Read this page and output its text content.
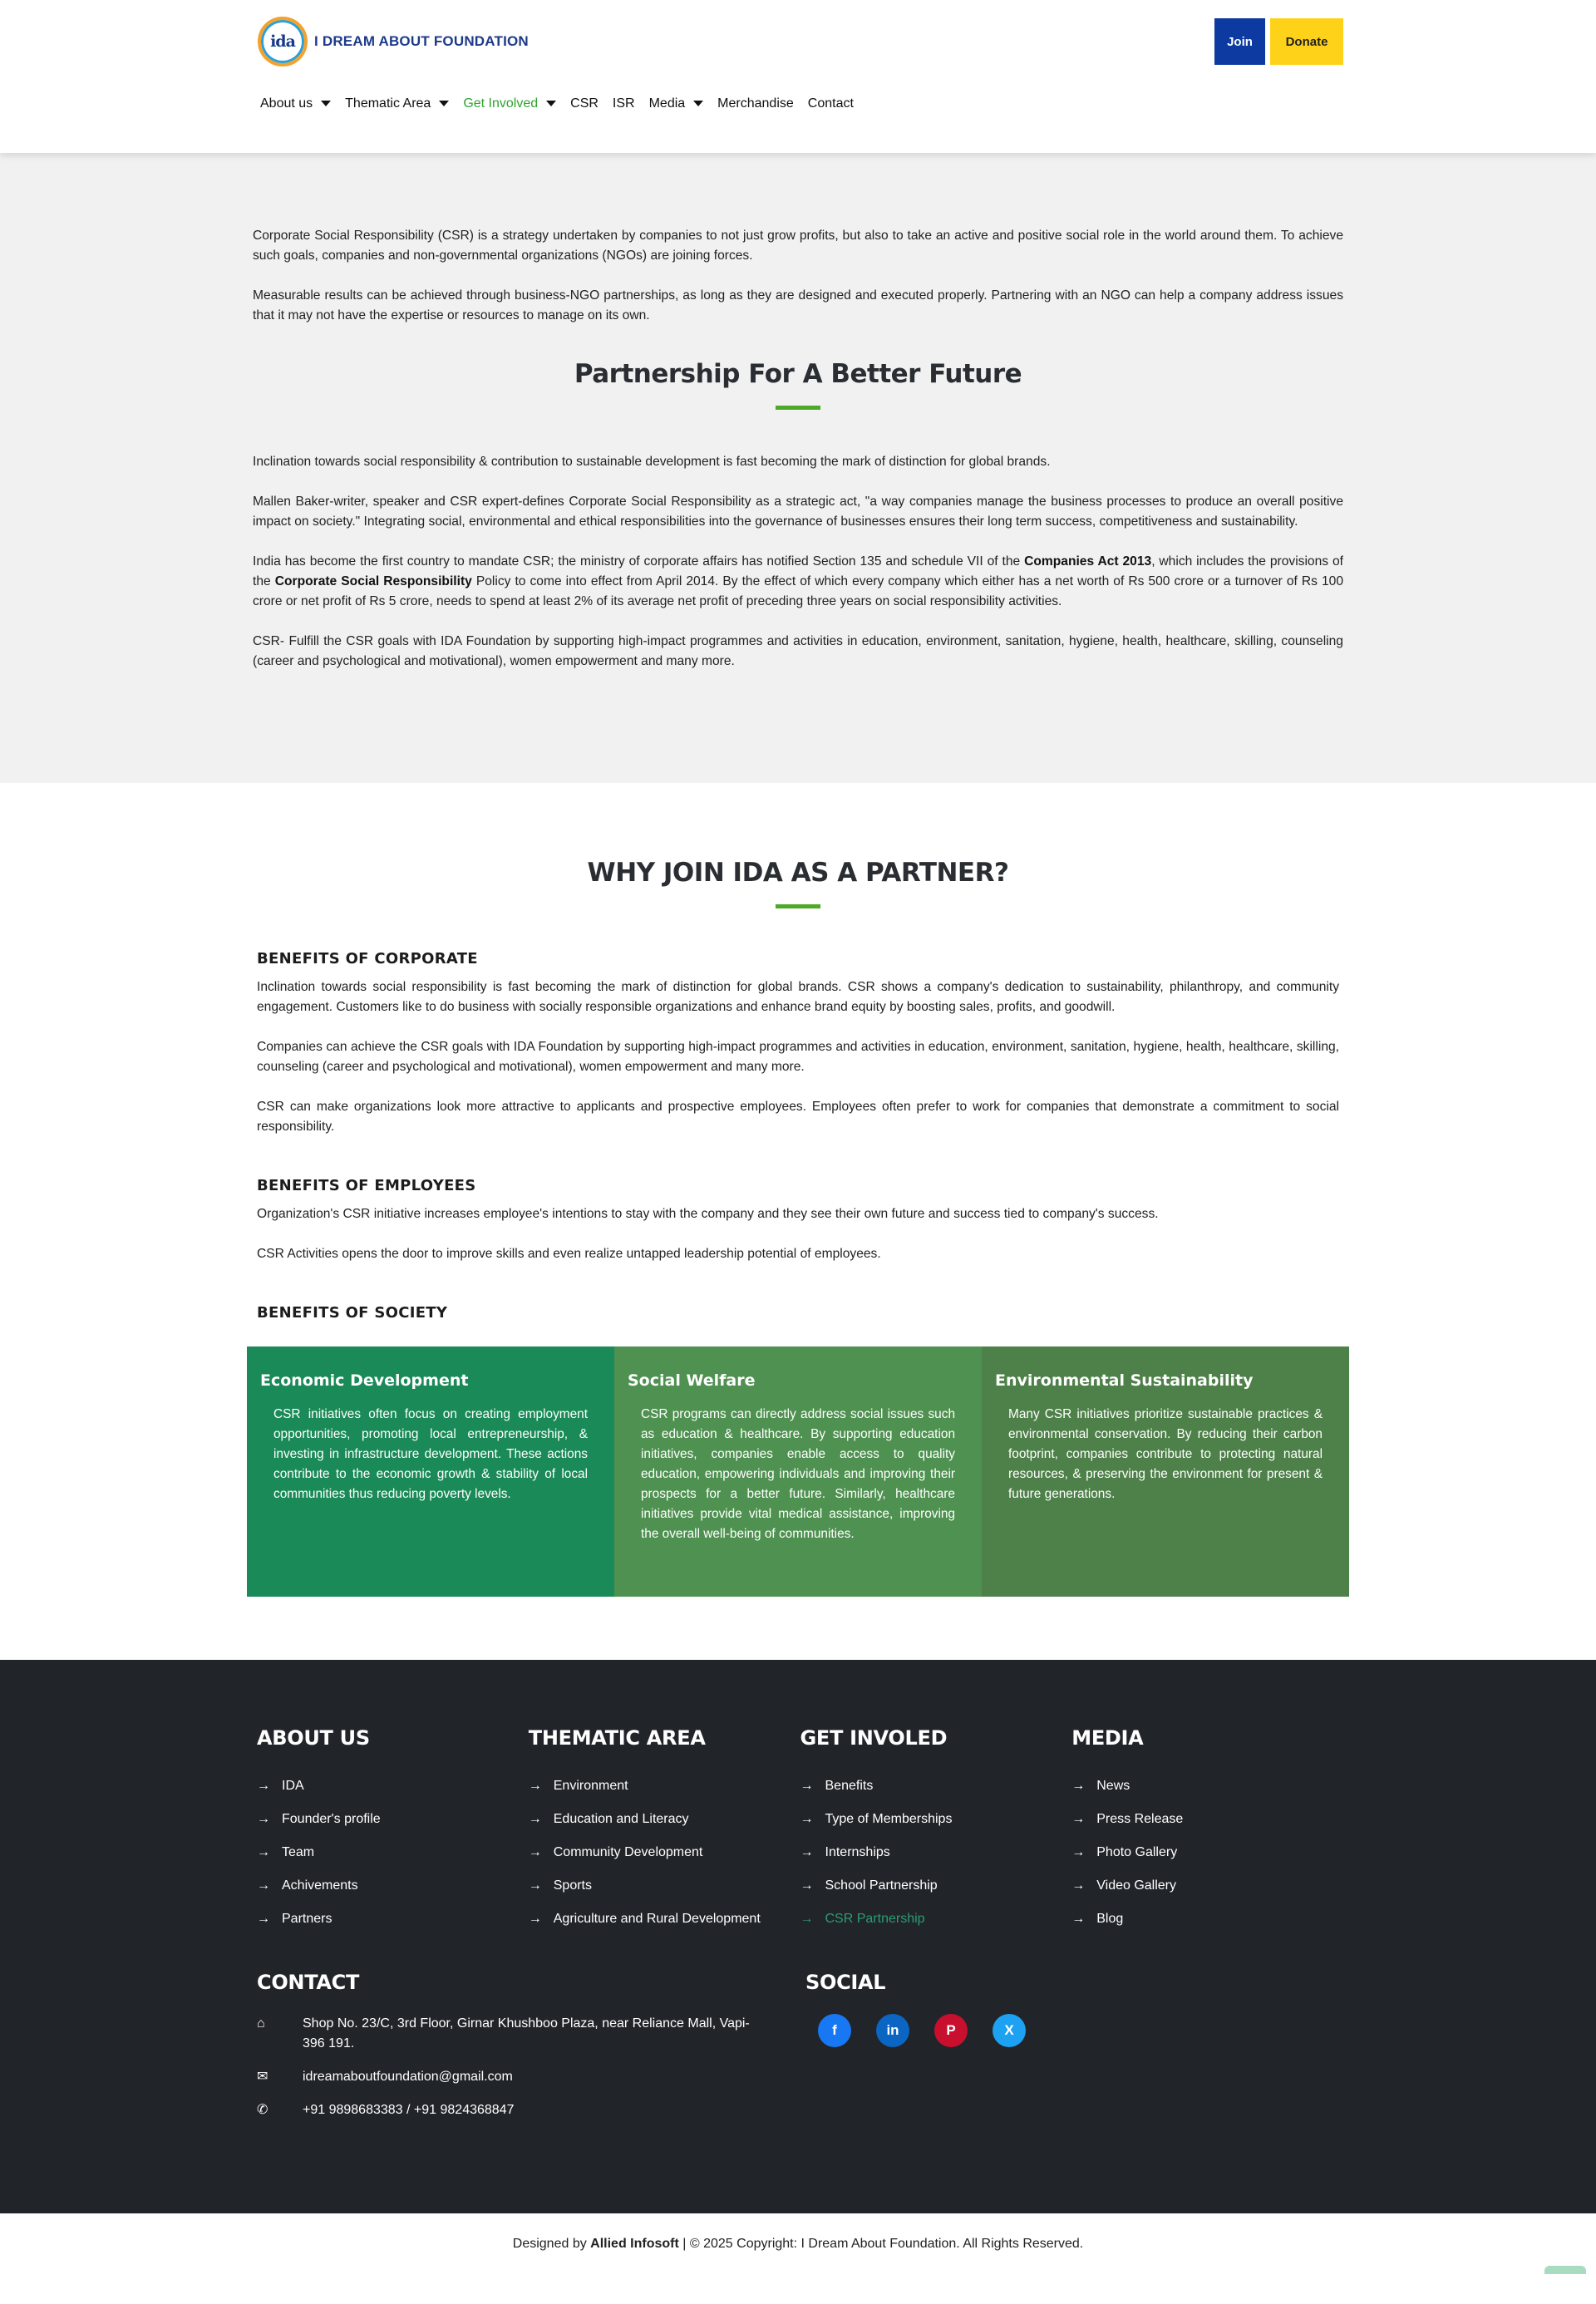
ida I DREAM ABOUT FOUNDATION	Join	Donate
About us Thematic Area Get Involved CSR ISR Media Merchandise Contact

Corporate Social Responsibility (CSR) is a strategy undertaken by companies to not just grow profits, but also to take an active and positive social role in the world around them. To achieve such goals, companies and non-governmental organizations (NGOs) are joining forces.

Measurable results can be achieved through business-NGO partnerships, as long as they are designed and executed properly. Partnering with an NGO can help a company address issues that it may not have the expertise or resources to manage on its own.

Partnership For A Better Future

Inclination towards social responsibility & contribution to sustainable development is fast becoming the mark of distinction for global brands.

Mallen Baker-writer, speaker and CSR expert-defines Corporate Social Responsibility as a strategic act, "a way companies manage the business processes to produce an overall positive impact on society." Integrating social, environmental and ethical responsibilities into the governance of businesses ensures their long term success, competitiveness and sustainability.

India has become the first country to mandate CSR; the ministry of corporate affairs has notified Section 135 and schedule VII of the Companies Act 2013, which includes the provisions of the Corporate Social Responsibility Policy to come into effect from April 2014. By the effect of which every company which either has a net worth of Rs 500 crore or a turnover of Rs 100 crore or net profit of Rs 5 crore, needs to spend at least 2% of its average net profit of preceding three years on social responsibility activities.

CSR- Fulfill the CSR goals with IDA Foundation by supporting high-impact programmes and activities in education, environment, sanitation, hygiene, health, healthcare, skilling, counseling (career and psychological and motivational), women empowerment and many more.

WHY JOIN IDA AS A PARTNER?
BENEFITS OF CORPORATE

Inclination towards social responsibility is fast becoming the mark of distinction for global brands. CSR shows a company's dedication to sustainability, philanthropy, and community engagement. Customers like to do business with socially responsible organizations and enhance brand equity by boosting sales, profits, and goodwill.

Companies can achieve the CSR goals with IDA Foundation by supporting high-impact programmes and activities in education, environment, sanitation, hygiene, health, healthcare, skilling, counseling (career and psychological and motivational), women empowerment and many more.

CSR can make organizations look more attractive to applicants and prospective employees. Employees often prefer to work for companies that demonstrate a commitment to social responsibility.

BENEFITS OF EMPLOYEES

Organization's CSR initiative increases employee's intentions to stay with the company and they see their own future and success tied to company's success.

CSR Activities opens the door to improve skills and even realize untapped leadership potential of employees.

BENEFITS OF SOCIETY
Economic Development

CSR initiatives often focus on creating employment opportunities, promoting local entrepreneurship, & investing in infrastructure development. These actions contribute to the economic growth & stability of local communities thus reducing poverty levels.

Social Welfare

CSR programs can directly address social issues such as education & healthcare. By supporting education initiatives, companies enable access to quality education, empowering individuals and improving their prospects for a better future. Similarly, healthcare initiatives provide vital medical assistance, improving the overall well-being of communities.

Environmental Sustainability

Many CSR initiatives prioritize sustainable practices & environmental conservation. By reducing their carbon footprint, companies contribute to protecting natural resources, & preserving the environment for present & future generations.

ABOUT US
→ IDA
→ Founder's profile
→ Team
→ Achivements
→ Partners
THEMATIC AREA
→ Environment
→ Education and Literacy
→ Community Development
→ Sports
→ Agriculture and Rural Development
GET INVOLED
→ Benefits
→ Type of Memberships
→ Internships
→ School Partnership
→ CSR Partnership
MEDIA
→ News
→ Press Release
→ Photo Gallery
→ Video Gallery
→ Blog
CONTACT
⌂	Shop No. 23/C, 3rd Floor, Girnar Khushboo Plaza, near Reliance Mall, Vapi-396 191.
✉	idreamaboutfoundation@gmail.com
✆	+91 9898683383 / +91 9824368847
SOCIAL
f	in	P	X
Designed by Allied Infosoft | © 2025 Copyright: I Dream About Foundation. All Rights Reserved.
